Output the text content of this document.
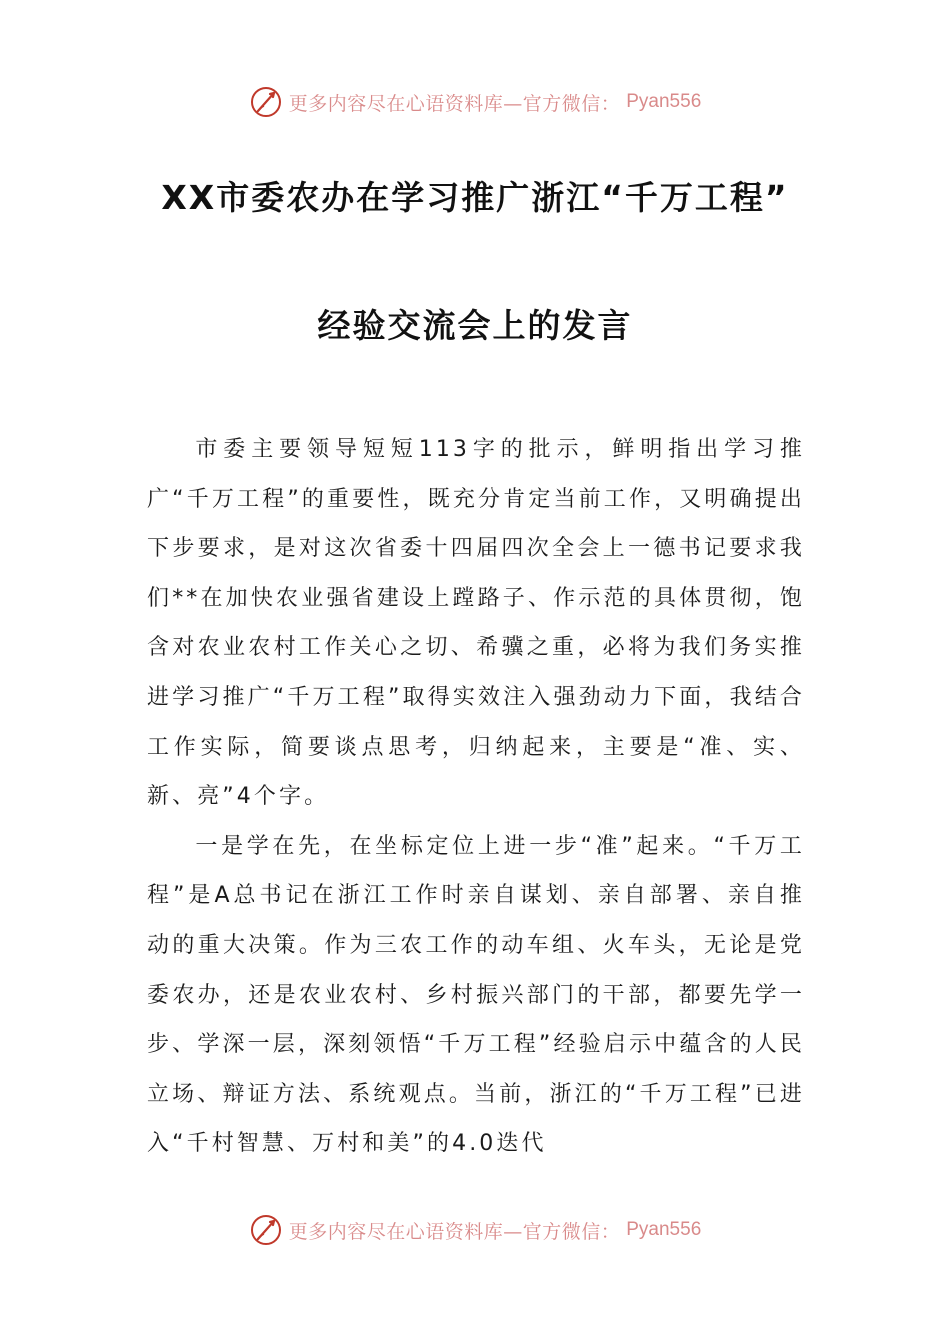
更多内容尽在心语资料库—官方微信： Pyan556
XX市委农办在学习推广浙江“千万工程”
经验交流会上的发言

市委主要领导短短113字的批示，鲜明指出学习推广“千万工程”的重要性，既充分肯定当前工作，又明确提出下步要求，是对这次省委十四届四次全会上一德书记要求我们**在加快农业强省建设上蹚路子、作示范的具体贯彻，饱含对农业农村工作关心之切、希骥之重，必将为我们务实推进学习推广“千万工程”取得实效注入强劲动力下面，我结合工作实际，简要谈点思考，归纳起来，主要是“准、实、新、亮”4个字。

一是学在先，在坐标定位上进一步“准”起来。“千万工程”是A总书记在浙江工作时亲自谋划、亲自部署、亲自推动的重大决策。作为三农工作的动车组、火车头，无论是党委农办，还是农业农村、乡村振兴部门的干部，都要先学一步、学深一层，深刻领悟“千万工程”经验启示中蕴含的人民立场、辩证方法、系统观点。当前，浙江的“千万工程”已进入“千村智慧、万村和美”的4.0迭代

更多内容尽在心语资料库—官方微信： Pyan556
